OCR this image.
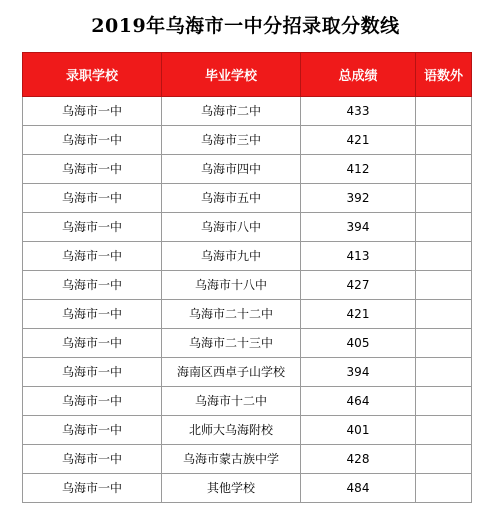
2019年乌海市一中分招录取分数线
录职学校	毕业学校	总成绩	语数外
乌海市一中	乌海市二中	433	
乌海市一中	乌海市三中	421	
乌海市一中	乌海市四中	412	
乌海市一中	乌海市五中	392	
乌海市一中	乌海市八中	394	
乌海市一中	乌海市九中	413	
乌海市一中	乌海市十八中	427	
乌海市一中	乌海市二十二中	421	
乌海市一中	乌海市二十三中	405	
乌海市一中	海南区西卓子山学校	394	
乌海市一中	乌海市十二中	464	
乌海市一中	北师大乌海附校	401	
乌海市一中	乌海市蒙古族中学	428	
乌海市一中	其他学校	484	
